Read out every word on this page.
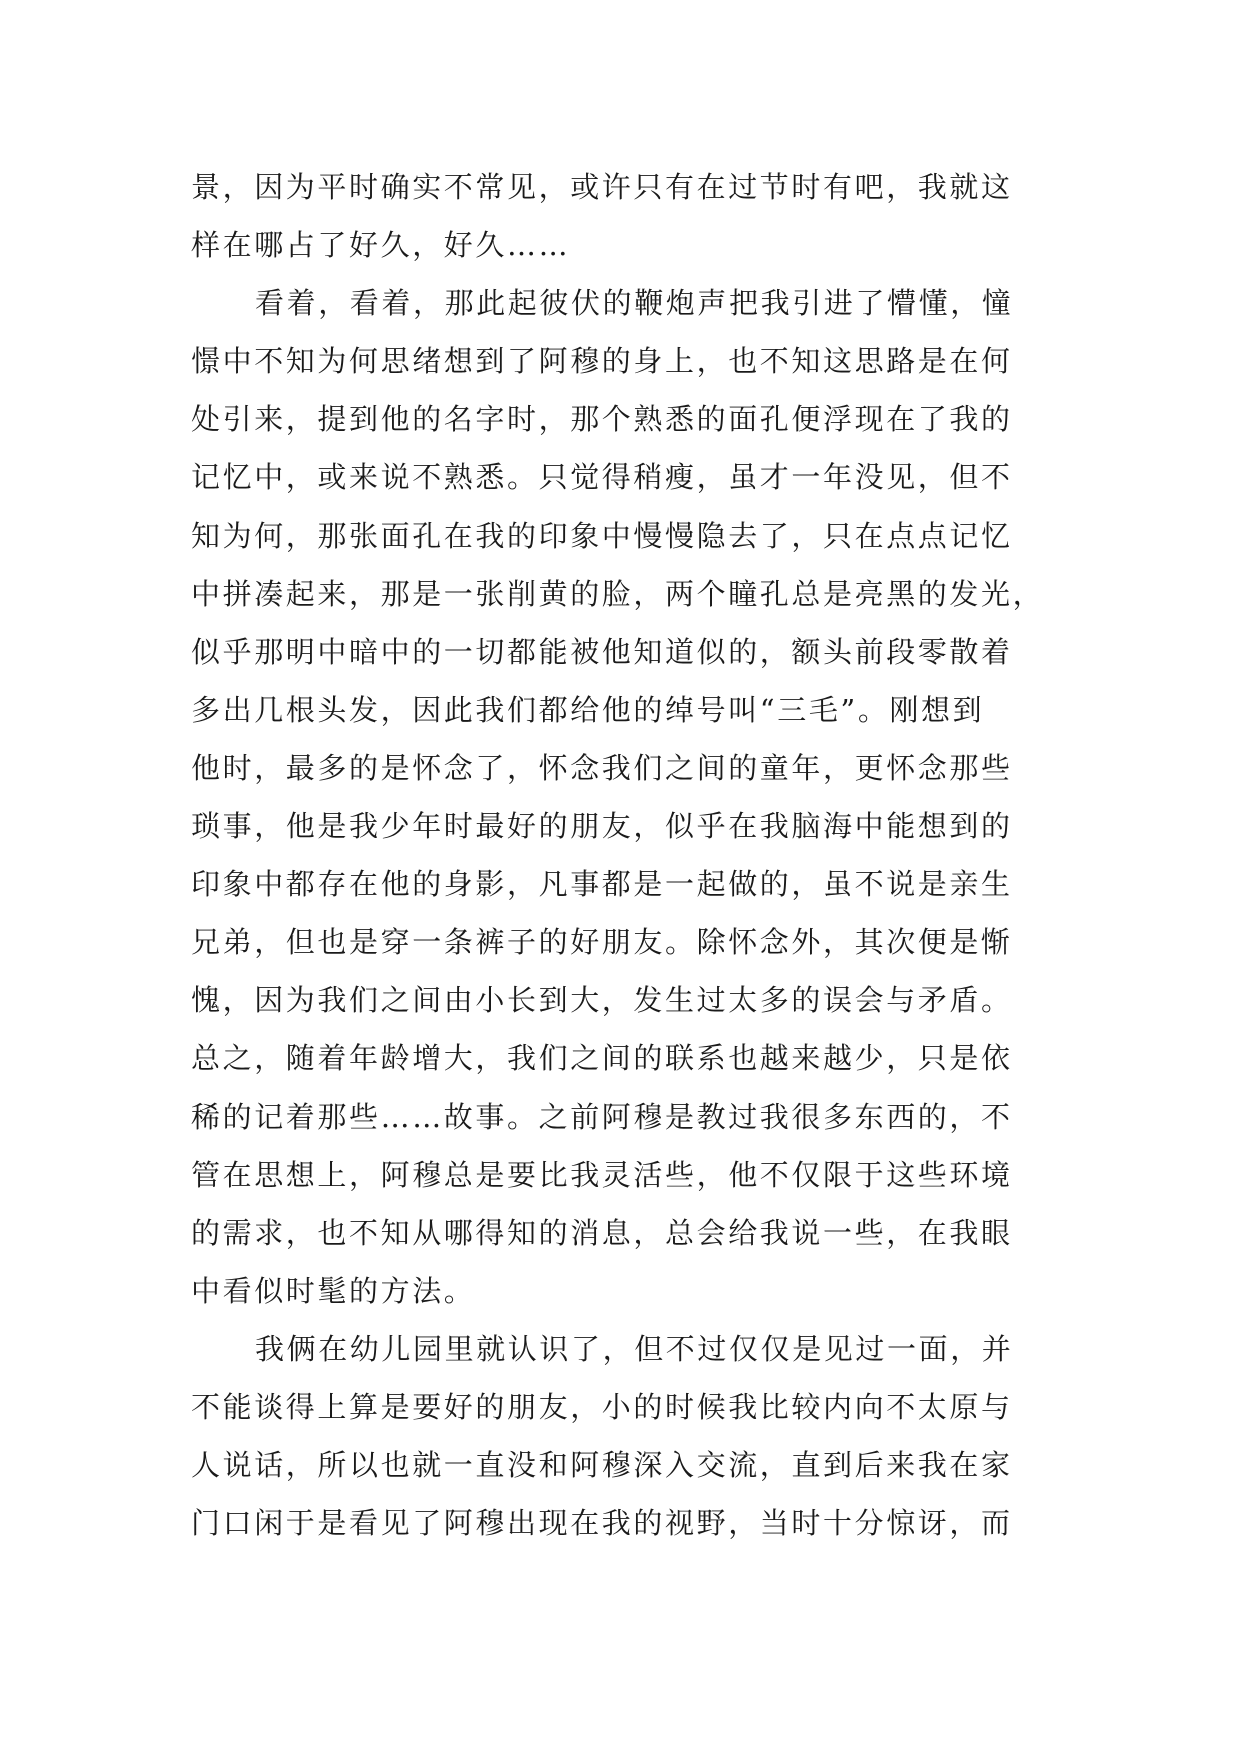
景，因为平时确实不常见，或许只有在过节时有吧，我就这
样在哪占了好久，好久……
看着，看着，那此起彼伏的鞭炮声把我引进了懵懂，憧
憬中不知为何思绪想到了阿穆的身上，也不知这思路是在何
处引来，提到他的名字时，那个熟悉的面孔便浮现在了我的
记忆中，或来说不熟悉。只觉得稍瘦，虽才一年没见，但不
知为何，那张面孔在我的印象中慢慢隐去了，只在点点记忆
中拼凑起来，那是一张削黄的脸，两个瞳孔总是亮黑的发光，
似乎那明中暗中的一切都能被他知道似的，额头前段零散着
多出几根头发，因此我们都给他的绰号叫“三毛”。刚想到
他时，最多的是怀念了，怀念我们之间的童年，更怀念那些
琐事，他是我少年时最好的朋友，似乎在我脑海中能想到的
印象中都存在他的身影，凡事都是一起做的，虽不说是亲生
兄弟，但也是穿一条裤子的好朋友。除怀念外，其次便是惭
愧，因为我们之间由小长到大，发生过太多的误会与矛盾。
总之，随着年龄增大，我们之间的联系也越来越少，只是依
稀的记着那些……故事。之前阿穆是教过我很多东西的，不
管在思想上，阿穆总是要比我灵活些，他不仅限于这些环境
的需求，也不知从哪得知的消息，总会给我说一些，在我眼
中看似时髦的方法。
我俩在幼儿园里就认识了，但不过仅仅是见过一面，并
不能谈得上算是要好的朋友，小的时候我比较内向不太原与
人说话，所以也就一直没和阿穆深入交流，直到后来我在家
门口闲于是看见了阿穆出现在我的视野，当时十分惊讶，而
